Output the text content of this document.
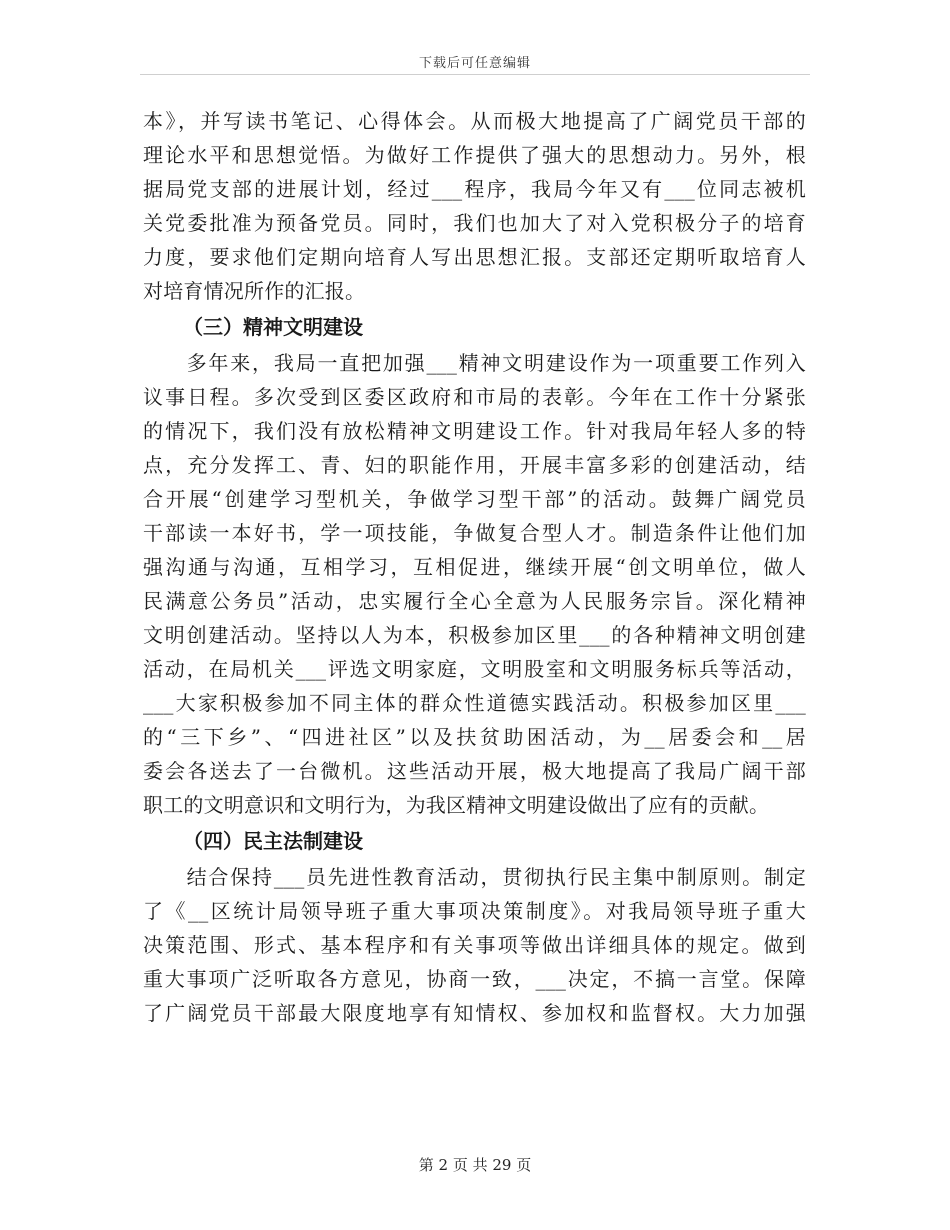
下载后可任意编辑
本》，并写读书笔记、心得体会。从而极大地提高了广阔党员干部的
理论水平和思想觉悟。为做好工作提供了强大的思想动力。另外，根
据局党支部的进展计划，经过___程序，我局今年又有___位同志被机
关党委批准为预备党员。同时，我们也加大了对入党积极分子的培育
力度，要求他们定期向培育人写出思想汇报。支部还定期听取培育人
对培育情况所作的汇报。
（三）精神文明建设
　　多年来，我局一直把加强___精神文明建设作为一项重要工作列入
议事日程。多次受到区委区政府和市局的表彰。今年在工作十分紧张
的情况下，我们没有放松精神文明建设工作。针对我局年轻人多的特
点，充分发挥工、青、妇的职能作用，开展丰富多彩的创建活动，结
合开展“创建学习型机关，争做学习型干部”的活动。鼓舞广阔党员
干部读一本好书，学一项技能，争做复合型人才。制造条件让他们加
强沟通与沟通，互相学习，互相促进，继续开展“创文明单位，做人
民满意公务员”活动，忠实履行全心全意为人民服务宗旨。深化精神
文明创建活动。坚持以人为本，积极参加区里___的各种精神文明创建
活动，在局机关___评选文明家庭，文明股室和文明服务标兵等活动，
___大家积极参加不同主体的群众性道德实践活动。积极参加区里___
的“三下乡”、“四进社区”以及扶贫助困活动，为__居委会和__居
委会各送去了一台微机。这些活动开展，极大地提高了我局广阔干部
职工的文明意识和文明行为，为我区精神文明建设做出了应有的贡献。
（四）民主法制建设
　　结合保持___员先进性教育活动，贯彻执行民主集中制原则。制定
了《__区统计局领导班子重大事项决策制度》。对我局领导班子重大
决策范围、形式、基本程序和有关事项等做出详细具体的规定。做到
重大事项广泛听取各方意见，协商一致，___决定，不搞一言堂。保障
了广阔党员干部最大限度地享有知情权、参加权和监督权。大力加强
第 2 页 共 29 页
